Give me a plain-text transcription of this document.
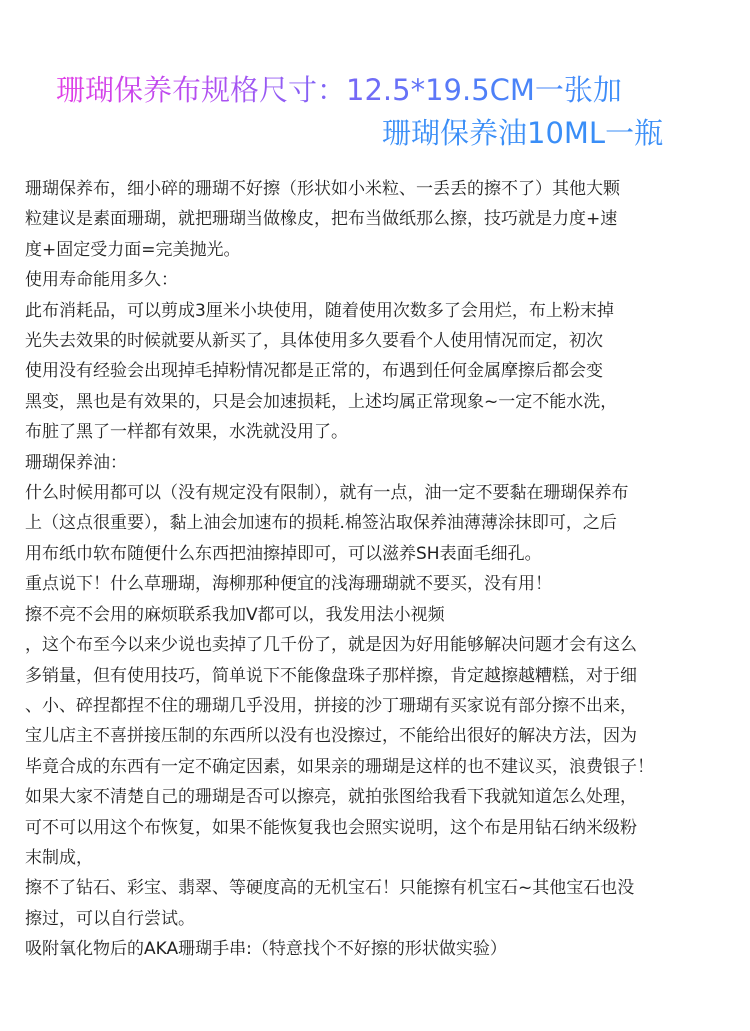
珊瑚保养布规格尺寸：12.5*19.5CM一张加
珊瑚保养油10ML一瓶

珊瑚保养布，细小碎的珊瑚不好擦（形状如小米粒、一丢丢的擦不了）其他大颗

粒建议是素面珊瑚，就把珊瑚当做橡皮，把布当做纸那么擦，技巧就是力度+速

度+固定受力面=完美抛光。

使用寿命能用多久：

此布消耗品，可以剪成3厘米小块使用，随着使用次数多了会用烂，布上粉末掉

光失去效果的时候就要从新买了，具体使用多久要看个人使用情况而定，初次

使用没有经验会出现掉毛掉粉情况都是正常的，布遇到任何金属摩擦后都会变

黑变，黑也是有效果的，只是会加速损耗，上述均属正常现象~一定不能水洗，

布脏了黑了一样都有效果，水洗就没用了。

珊瑚保养油：

什么时候用都可以（没有规定没有限制），就有一点，油一定不要黏在珊瑚保养布

上（这点很重要），黏上油会加速布的损耗.棉签沾取保养油薄薄涂抹即可，之后

用布纸巾软布随便什么东西把油擦掉即可，可以滋养SH表面毛细孔。

重点说下！什么草珊瑚，海柳那种便宜的浅海珊瑚就不要买，没有用！

擦不亮不会用的麻烦联系我加V都可以，我发用法小视频

，这个布至今以来少说也卖掉了几千份了，就是因为好用能够解决问题才会有这么

多销量，但有使用技巧，简单说下不能像盘珠子那样擦，肯定越擦越糟糕，对于细

、小、碎捏都捏不住的珊瑚几乎没用，拼接的沙丁珊瑚有买家说有部分擦不出来，

宝儿店主不喜拼接压制的东西所以没有也没擦过，不能给出很好的解决方法，因为

毕竟合成的东西有一定不确定因素，如果亲的珊瑚是这样的也不建议买，浪费银子！

如果大家不清楚自己的珊瑚是否可以擦亮，就拍张图给我看下我就知道怎么处理，

可不可以用这个布恢复，如果不能恢复我也会照实说明，这个布是用钻石纳米级粉

末制成，

擦不了钻石、彩宝、翡翠、等硬度高的无机宝石！只能擦有机宝石~其他宝石也没

擦过，可以自行尝试。

吸附氧化物后的AKA珊瑚手串:（特意找个不好擦的形状做实验）
